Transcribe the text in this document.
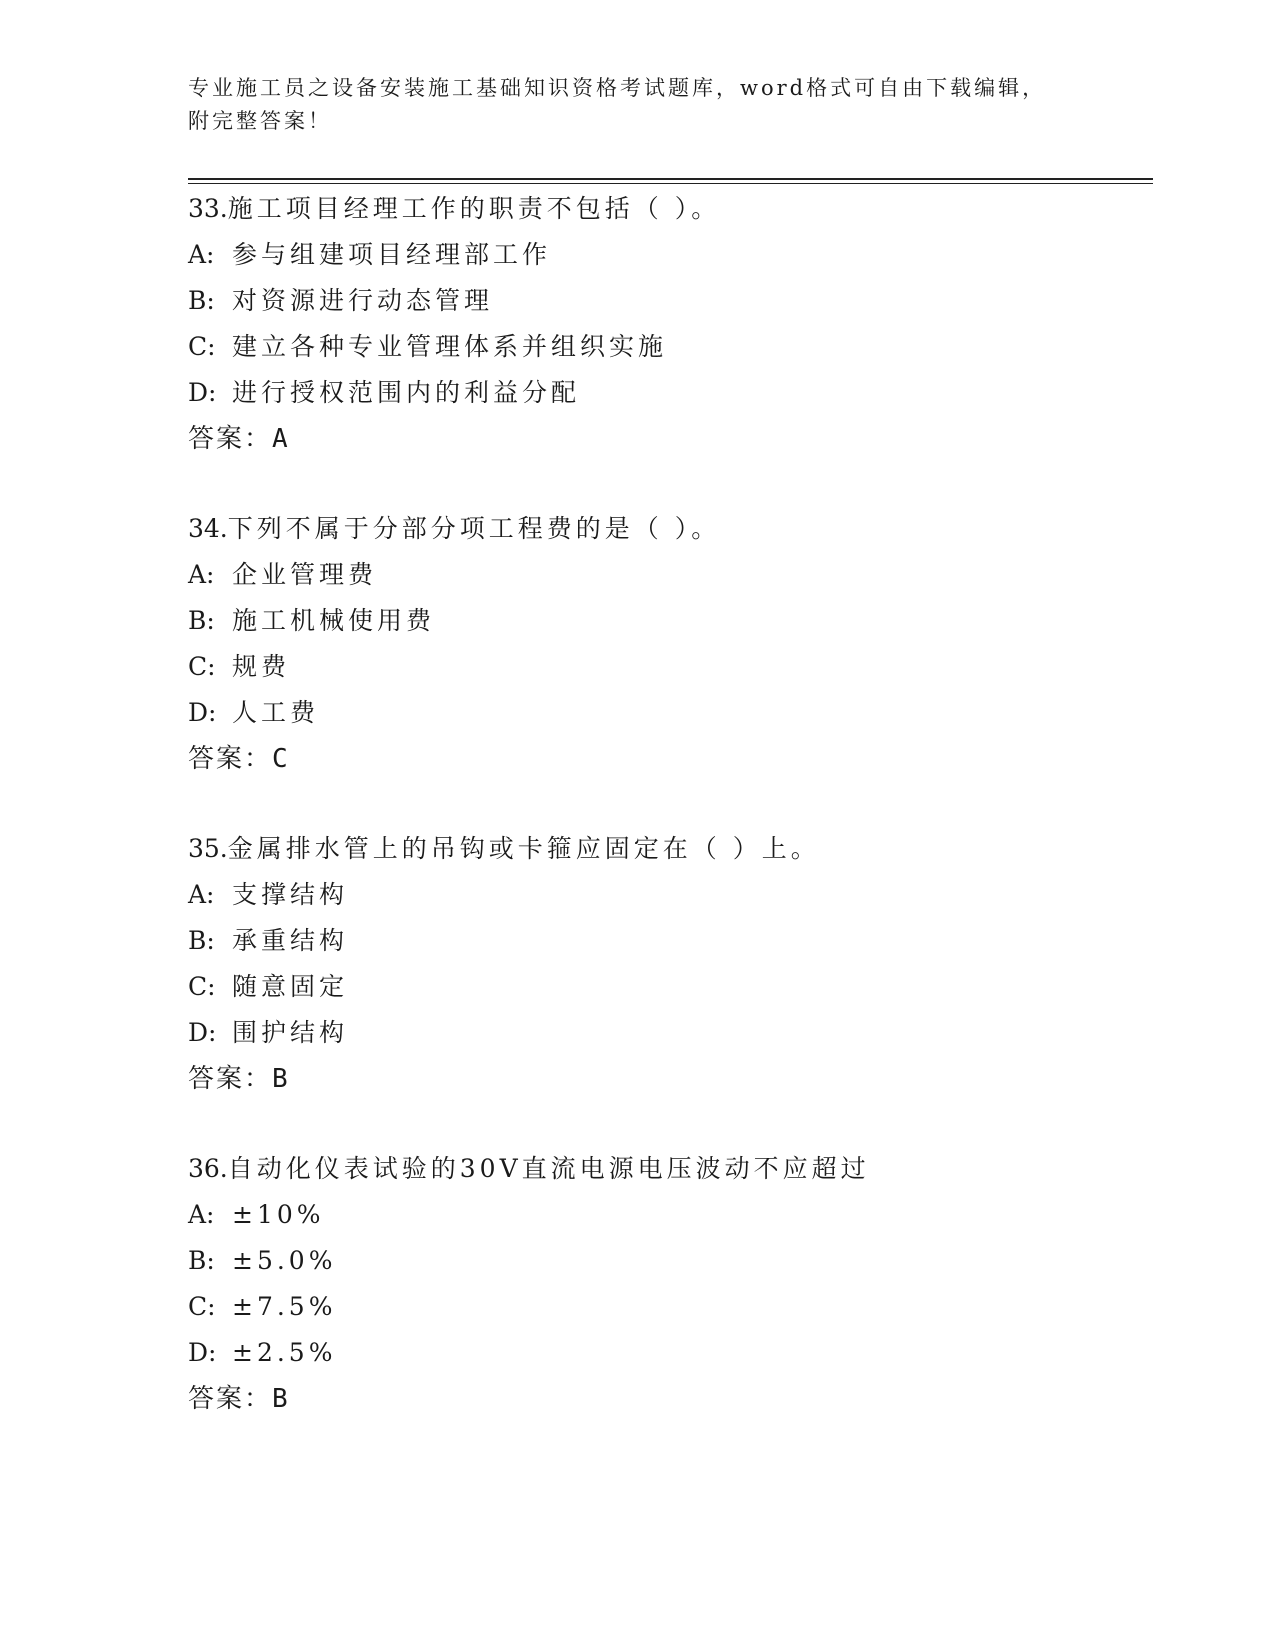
专业施工员之设备安装施工基础知识资格考试题库，word格式可自由下载编辑，
附完整答案！
33.施工项目经理工作的职责不包括（ ）。
A: 参与组建项目经理部工作
B: 对资源进行动态管理
C: 建立各种专业管理体系并组织实施
D: 进行授权范围内的利益分配
答案：A
34.下列不属于分部分项工程费的是（ ）。
A: 企业管理费
B: 施工机械使用费
C: 规费
D: 人工费
答案：C
35.金属排水管上的吊钩或卡箍应固定在（ ）上。
A: 支撑结构
B: 承重结构
C: 随意固定
D: 围护结构
答案：B
36.自动化仪表试验的30V直流电源电压波动不应超过
A: ±10%
B: ±5.0%
C: ±7.5%
D: ±2.5%
答案：B
